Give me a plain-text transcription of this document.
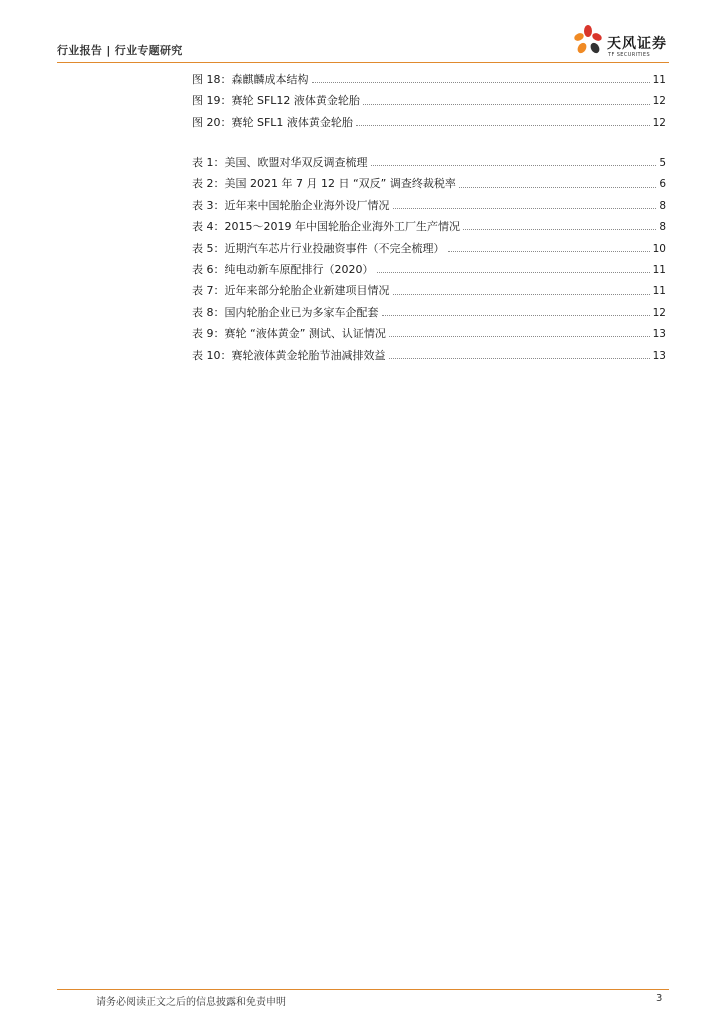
行业报告 | 行业专题研究	天风证券
TF SECURITIES
图 18：森麒麟成本结构	11
图 19：赛轮 SFL12 液体黄金轮胎	12
图 20：赛轮 SFL1 液体黄金轮胎	12
表 1：美国、欧盟对华双反调查梳理	5
表 2：美国 2021 年 7 月 12 日 “双反” 调查终裁税率	6
表 3：近年来中国轮胎企业海外设厂情况	8
表 4：2015～2019 年中国轮胎企业海外工厂生产情况	8
表 5：近期汽车芯片行业投融资事件（不完全梳理）	10
表 6：纯电动新车原配排行（2020）	11
表 7：近年来部分轮胎企业新建项目情况	11
表 8：国内轮胎企业已为多家车企配套	12
表 9：赛轮 “液体黄金” 测试、认证情况	13
表 10：赛轮液体黄金轮胎节油减排效益	13
请务必阅读正文之后的信息披露和免责申明	3
